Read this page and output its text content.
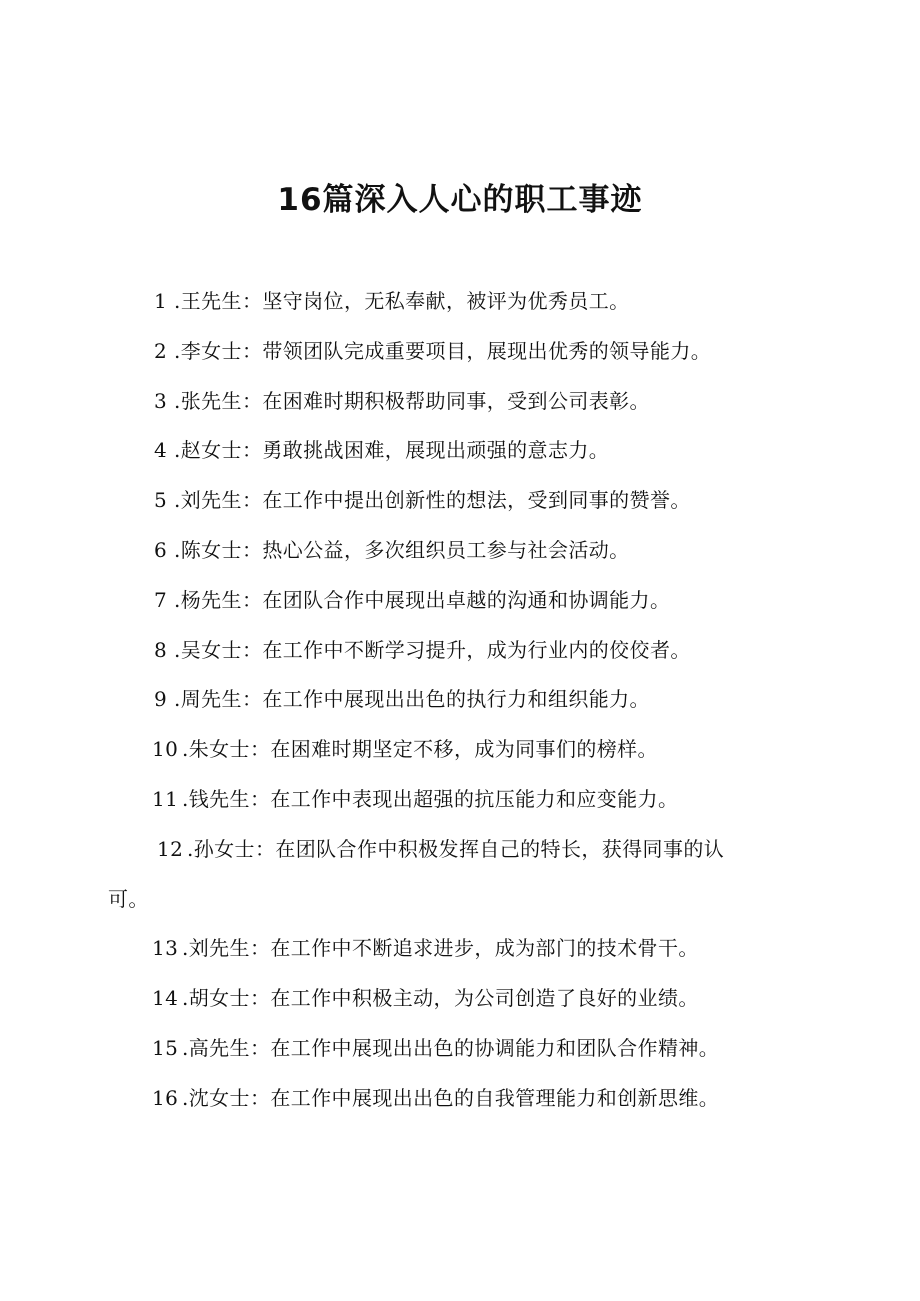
16篇深入人心的职工事迹
1 .王先生：坚守岗位，无私奉献，被评为优秀员工。
2 .李女士：带领团队完成重要项目，展现出优秀的领导能力。
3 .张先生：在困难时期积极帮助同事，受到公司表彰。
4 .赵女士：勇敢挑战困难，展现出顽强的意志力。
5 .刘先生：在工作中提出创新性的想法，受到同事的赞誉。
6 .陈女士：热心公益，多次组织员工参与社会活动。
7 .杨先生：在团队合作中展现出卓越的沟通和协调能力。
8 .吴女士：在工作中不断学习提升，成为行业内的佼佼者。
9 .周先生：在工作中展现出出色的执行力和组织能力。
10 .朱女士：在困难时期坚定不移，成为同事们的榜样。
11 .钱先生：在工作中表现出超强的抗压能力和应变能力。
12 .孙女士：在团队合作中积极发挥自己的特长，获得同事的认
可。
13 .刘先生：在工作中不断追求进步，成为部门的技术骨干。
14 .胡女士：在工作中积极主动，为公司创造了良好的业绩。
15 .高先生：在工作中展现出出色的协调能力和团队合作精神。
16 .沈女士：在工作中展现出出色的自我管理能力和创新思维。
